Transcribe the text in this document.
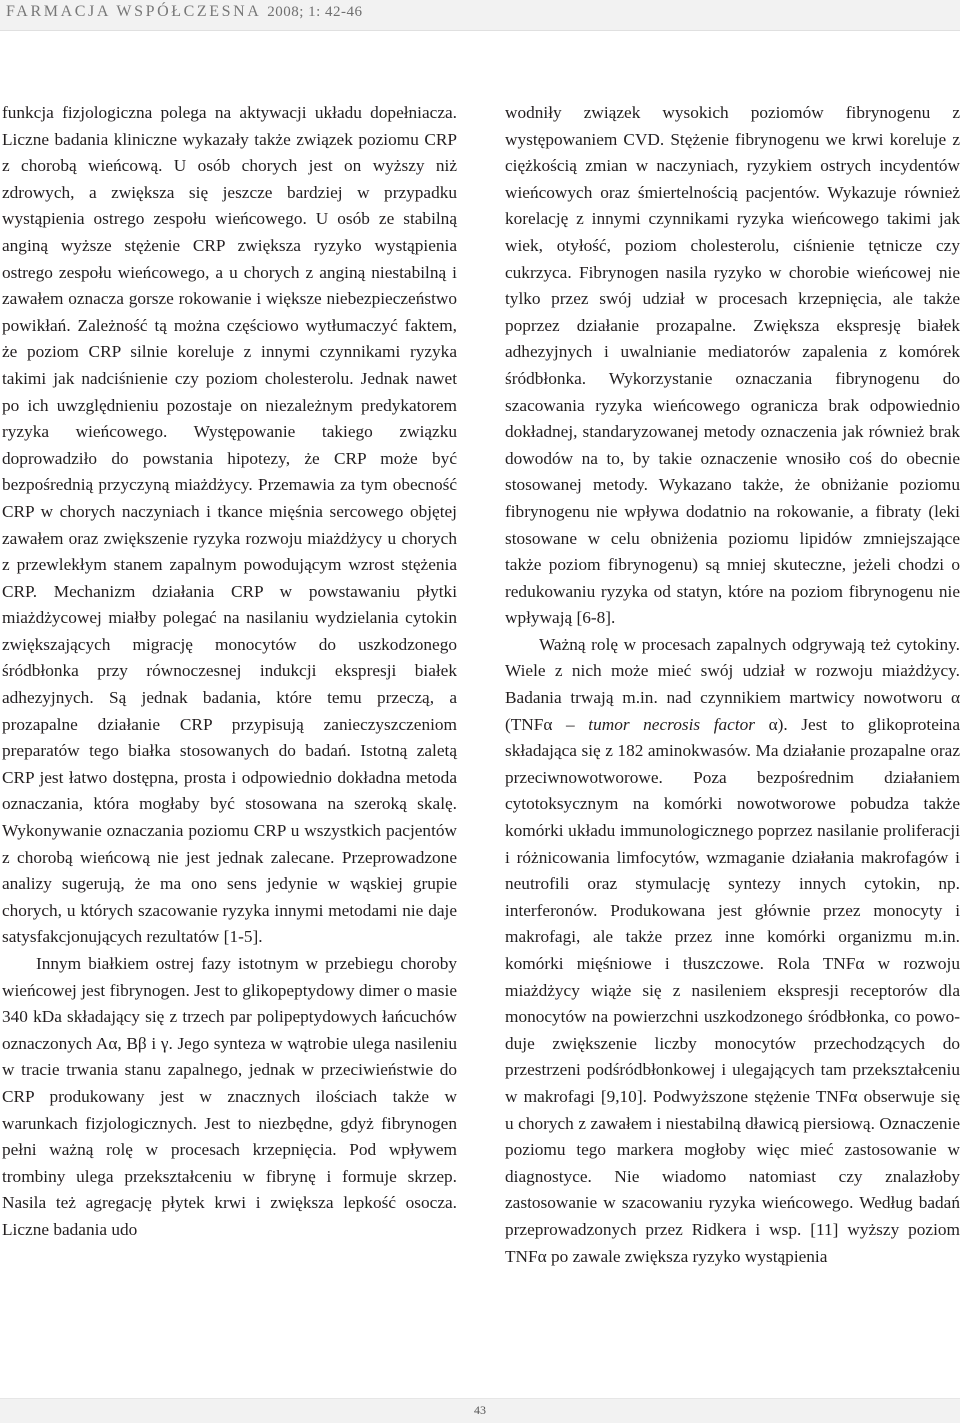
FARMACJA WSPÓŁCZESNA 2008; 1: 42-46

funkcja fizjologiczna polega na aktywacji układu dopełniacza. Liczne badania kliniczne wykazały także związek poziomu CRP z chorobą wieńcową. U osób chorych jest on wyższy niż zdrowych, a zwiększa się jeszcze bardziej w przypadku wystąpienia ostrego zespołu wieńcowego. U osób ze stabilną anginą wyższe stężenie CRP zwiększa ryzyko wystąpienia ostrego zespołu wieńcowego, a u chorych z anginą niestabilną i zawałem oznacza gorsze rokowanie i większe niebezpieczeństwo powikłań. Zależność tą można częściowo wytłumaczyć faktem, że poziom CRP silnie koreluje z innymi czynnikami ryzyka takimi jak nadciśnienie czy poziom cholesterolu. Jednak nawet po ich uwzględnieniu pozostaje on niezależnym predykatorem ryzyka wieńcowego. Występowanie takiego związku doprowadziło do powstania hipotezy, że CRP może być bezpośrednią przyczyną miażdżycy. Przemawia za tym obecność CRP w chorych naczyniach i tkance mięśnia sercowego objętej zawałem oraz zwiększenie ryzyka rozwoju miażdżycy u chorych z przewlekłym stanem zapalnym powodującym wzrost stężenia CRP. Mechanizm działania CRP w powstawaniu płytki miażdżycowej miałby polegać na nasilaniu wydzielania cytokin zwiększających migrację monocytów do uszkodzonego śródbłonka przy równoczesnej indukcji ekspresji białek adhezyjnych. Są jednak badania, które temu przeczą, a prozapalne działanie CRP przypisują zanieczyszczeniom preparatów tego białka stosowanych do badań. Istotną zaletą CRP jest łatwo dostępna, prosta i odpowiednio dokładna metoda oznaczania, która mogłaby być stosowana na szeroką skalę. Wykonywanie oznaczania poziomu CRP u wszystkich pacjentów z chorobą wieńcową nie jest jednak zalecane. Przeprowadzone analizy sugerują, że ma ono sens jedynie w wąskiej grupie chorych, u których szacowanie ryzyka innymi metodami nie daje satysfakcjonujących rezultatów [1-5].

Innym białkiem ostrej fazy istotnym w przebiegu choroby wieńcowej jest fibrynogen. Jest to glikopeptydowy dimer o masie 340 kDa składający się z trzech par polipeptydowych łańcuchów oznaczonych Aα, Bβ i γ. Jego synteza w wątrobie ulega nasileniu w tracie trwania stanu zapalnego, jednak w przeciwieństwie do CRP produkowany jest w znacznych ilościach także w warunkach fizjologicznych. Jest to niezbędne, gdyż fibrynogen pełni ważną rolę w procesach krzepnięcia. Pod wpływem trombiny ulega przekształceniu w fibrynę i formuje skrzep. Nasila też agregację płytek krwi i zwiększa lepkość osocza. Liczne badania udo

wodniły związek wysokich poziomów fibrynogenu z występowaniem CVD. Stężenie fibrynogenu we krwi koreluje z ciężkością zmian w naczyniach, ryzykiem ostrych incydentów wieńcowych oraz śmiertelnością pacjentów. Wykazuje również korelację z innymi czynnikami ryzyka wieńcowego takimi jak wiek, otyłość, poziom cholesterolu, ciśnienie tętnicze czy cukrzyca. Fibrynogen nasila ryzyko w chorobie wieńcowej nie tylko przez swój udział w procesach krzepnięcia, ale także poprzez działanie prozapalne. Zwiększa ekspresję białek adhezyjnych i uwalnianie mediatorów zapalenia z komórek śródbłonka. Wykorzystanie oznaczania fibrynogenu do szacowania ryzyka wieńcowego ogranicza brak odpowiednio dokładnej, standaryzowanej metody oznaczenia jak również brak dowodów na to, by takie oznaczenie wnosiło coś do obecnie stosowanej metody. Wykazano także, że obniżanie poziomu fibrynogenu nie wpływa dodatnio na rokowanie, a fibraty (leki stosowane w celu obniżenia poziomu lipidów zmniejszające także poziom fibrynogenu) są mniej skuteczne, jeżeli chodzi o redukowaniu ryzyka od statyn, które na poziom fibrynogenu nie wpływają [6-8].

Ważną rolę w procesach zapalnych odgrywają też cytokiny. Wiele z nich może mieć swój udział w rozwoju miażdżycy. Badania trwają m.in. nad czynnikiem martwicy nowotworu α (TNFα – tumor necrosis factor α). Jest to glikoproteina składająca się z 182 aminokwasów. Ma działanie prozapalne oraz przeciwnowotworowe. Poza bezpośrednim działaniem cytotoksycznym na komórki nowotworowe pobudza także komórki układu immunologicznego poprzez nasilanie proliferacji i różnicowania limfocytów, wzmaganie działania makrofagów i neutrofili oraz stymulację syntezy innych cytokin, np. interferonów. Produkowana jest głównie przez monocyty i makrofagi, ale także przez inne komórki organizmu m.in. komórki mięśniowe i tłuszczowe. Rola TNFα w rozwoju miażdżycy wiąże się z nasileniem ekspresji receptorów dla monocytów na powierzchni uszkodzonego śródbłonka, co powoduje zwiększenie liczby monocytów przechodzących do przestrzeni podśródbłonkowej i ulegających tam przekształceniu w makrofagi [9,10]. Podwyższone stężenie TNFα obserwuje się u chorych z zawałem i niestabilną dławicą piersiową. Oznaczenie poziomu tego markera mogłoby więc mieć zastosowanie w diagnostyce. Nie wiadomo natomiast czy znalazłoby zastosowanie w szacowaniu ryzyka wieńcowego. Według badań przeprowadzonych przez Ridkera i wsp. [11] wyższy poziom TNFα po zawale zwiększa ryzyko wystąpienia

43
